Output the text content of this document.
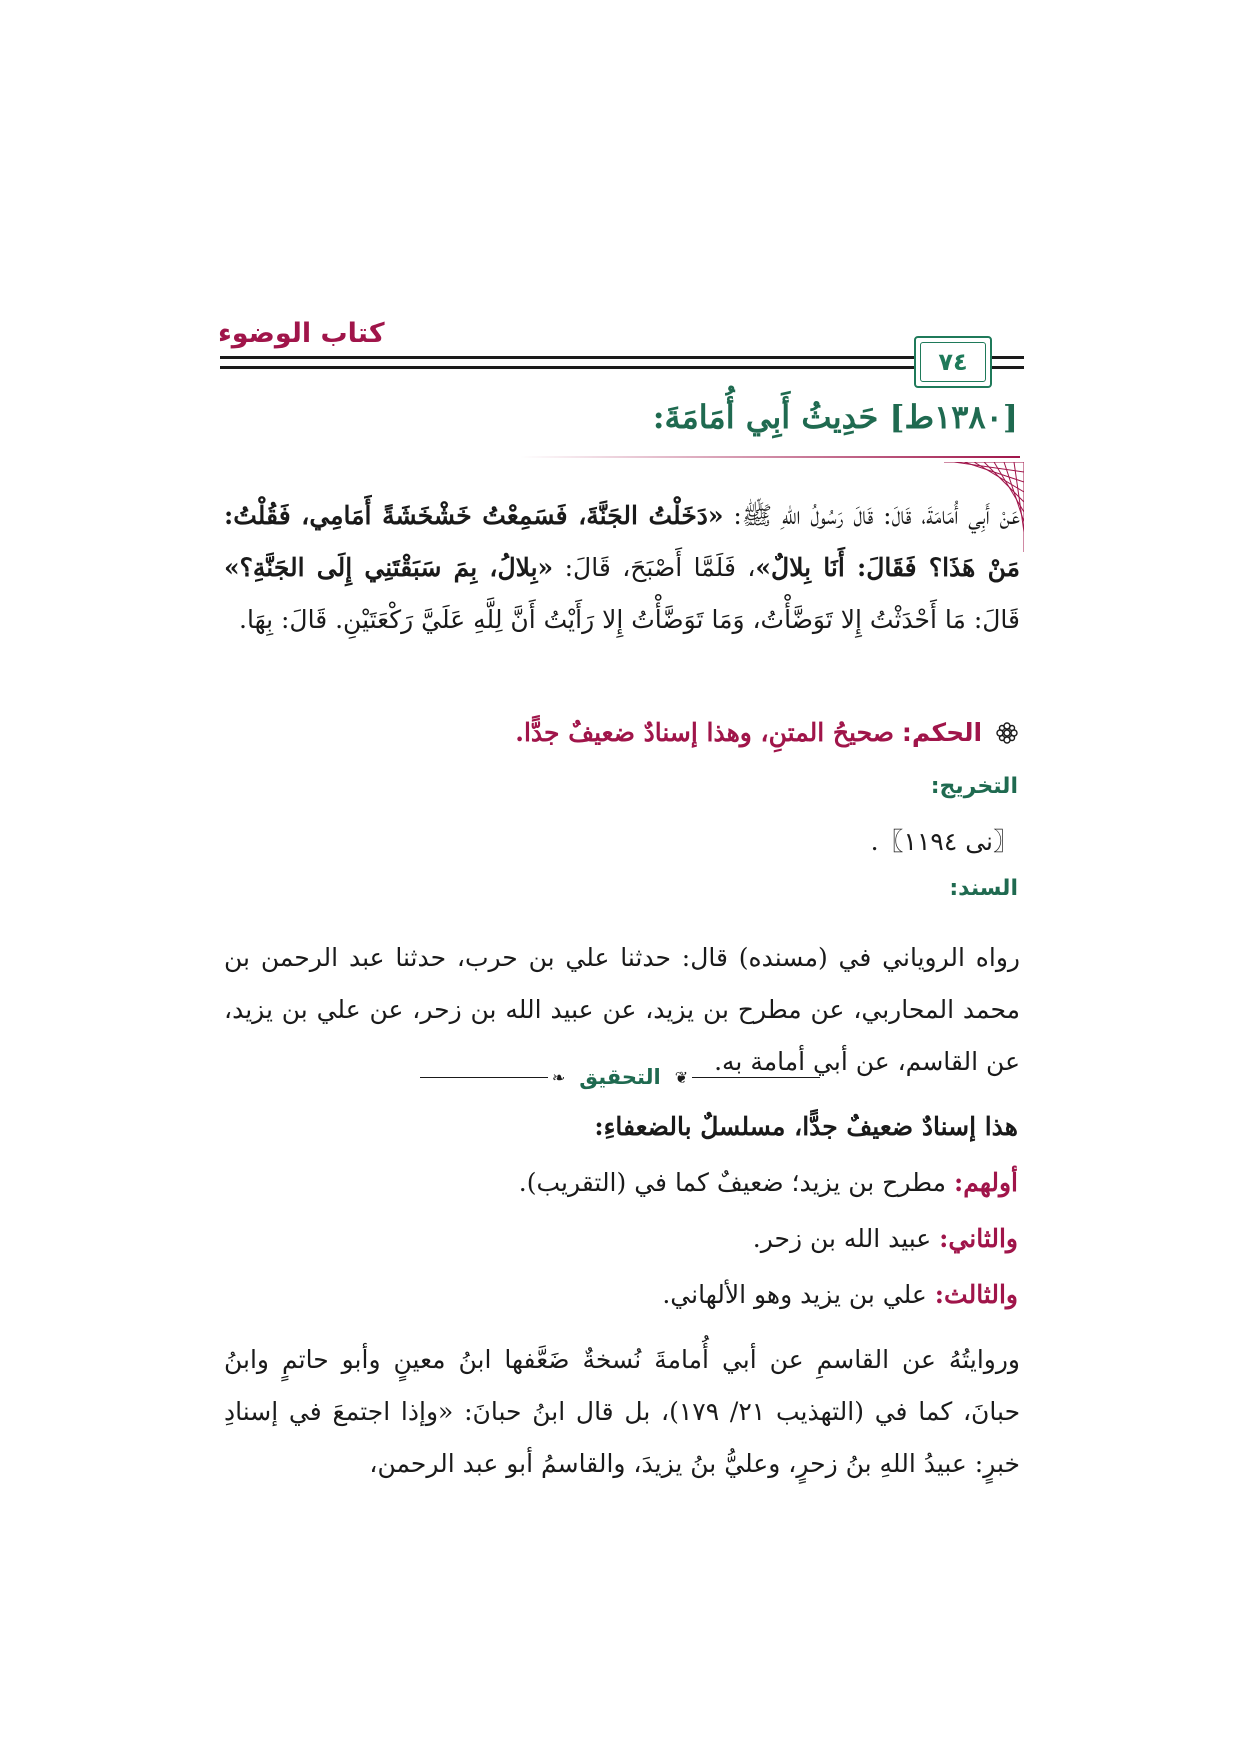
كتاب الوضوء
٧٤
[١٣٨٠ط] حَدِيثُ أَبِي أُمَامَةَ:
عَنْ أَبِي أُمَامَةَ، قَالَ: قَالَ رَسُولُ اللهِ ﷺ: «دَخَلْتُ الجَنَّةَ، فَسَمِعْتُ خَشْخَشَةً أَمَامِي، فَقُلْتُ: مَنْ هَذَا؟ فَقَالَ: أَنَا بِلالٌ»، فَلَمَّا أَصْبَحَ، قَالَ: «بِلالُ، بِمَ سَبَقْتَنِي إِلَى الجَنَّةِ؟» قَالَ: مَا أَحْدَثْتُ إِلا تَوَضَّأْتُ، وَمَا تَوَضَّأْتُ إِلا رَأَيْتُ أَنَّ لِلَّهِ عَلَيَّ رَكْعَتَيْنِ. قَالَ: بِهَا.
الحكم: صحيحُ المتنِ، وهذا إسنادٌ ضعيفٌ جدًّا.
التخريج:
〖نى ١١٩٤〗.
السند:
رواه الروياني في (مسنده) قال: حدثنا علي بن حرب، حدثنا عبد الرحمن بن محمد المحاربي، عن مطرح بن يزيد، عن عبيد الله بن زحر، عن علي بن يزيد، عن القاسم، عن أبي أمامة به.
❦
التحقيق
❧
هذا إسنادٌ ضعيفٌ جدًّا، مسلسلٌ بالضعفاءِ:
أولهم: مطرح بن يزيد؛ ضعيفٌ كما في (التقريب).
والثاني: عبيد الله بن زحر.
والثالث: علي بن يزيد وهو الألهاني.
وروايتُهُ عن القاسمِ عن أبي أُمامةَ نُسخةٌ ضَعَّفها ابنُ معينٍ وأبو حاتمٍ وابنُ حبانَ، كما في (التهذيب ٢١/ ١٧٩)، بل قال ابنُ حبانَ: «وإذا اجتمعَ في إسنادِ خبرٍ: عبيدُ اللهِ بنُ زحرٍ، وعليُّ بنُ يزيدَ، والقاسمُ أبو عبد الرحمن،
